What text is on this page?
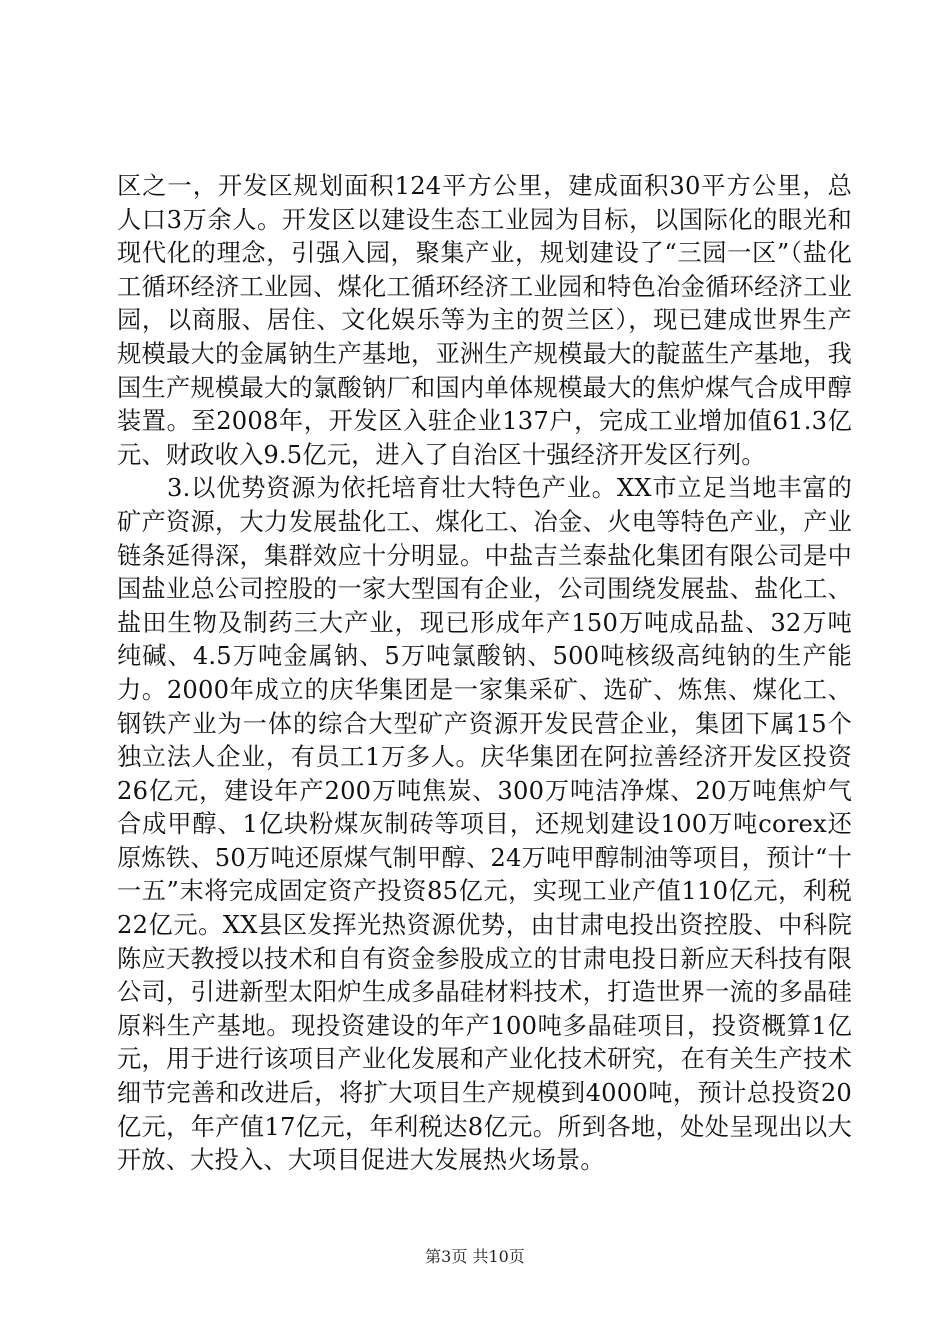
区之一，开发区规划面积124平方公里，建成面积30平方公里，总人口3万余人。开发区以建设生态工业园为目标，以国际化的眼光和现代化的理念，引强入园，聚集产业，规划建设了“三园一区”（盐化工循环经济工业园、煤化工循环经济工业园和特色冶金循环经济工业园，以商服、居住、文化娱乐等为主的贺兰区），现已建成世界生产规模最大的金属钠生产基地，亚洲生产规模最大的靛蓝生产基地，我国生产规模最大的氯酸钠厂和国内单体规模最大的焦炉煤气合成甲醇装置。至2008年，开发区入驻企业137户，完成工业增加值61.3亿元、财政收入9.5亿元，进入了自治区十强经济开发区行列。

3.以优势资源为依托培育壮大特色产业。XX市立足当地丰富的矿产资源，大力发展盐化工、煤化工、冶金、火电等特色产业，产业链条延得深，集群效应十分明显。中盐吉兰泰盐化集团有限公司是中国盐业总公司控股的一家大型国有企业，公司围绕发展盐、盐化工、盐田生物及制药三大产业，现已形成年产150万吨成品盐、32万吨纯碱、4.5万吨金属钠、5万吨氯酸钠、500吨核级高纯钠的生产能力。2000年成立的庆华集团是一家集采矿、选矿、炼焦、煤化工、钢铁产业为一体的综合大型矿产资源开发民营企业，集团下属15个独立法人企业，有员工1万多人。庆华集团在阿拉善经济开发区投资26亿元，建设年产200万吨焦炭、300万吨洁净煤、20万吨焦炉气合成甲醇、1亿块粉煤灰制砖等项目，还规划建设100万吨corex还原炼铁、50万吨还原煤气制甲醇、24万吨甲醇制油等项目，预计“十一五”末将完成固定资产投资85亿元，实现工业产值110亿元，利税22亿元。XX县区发挥光热资源优势，由甘肃电投出资控股、中科院陈应天教授以技术和自有资金参股成立的甘肃电投日新应天科技有限公司，引进新型太阳炉生成多晶硅材料技术，打造世界一流的多晶硅原料生产基地。现投资建设的年产100吨多晶硅项目，投资概算1亿元，用于进行该项目产业化发展和产业化技术研究，在有关生产技术细节完善和改进后，将扩大项目生产规模到4000吨，预计总投资20亿元，年产值17亿元，年利税达8亿元。所到各地，处处呈现出以大开放、大投入、大项目促进大发展热火场景。

第3页 共10页
